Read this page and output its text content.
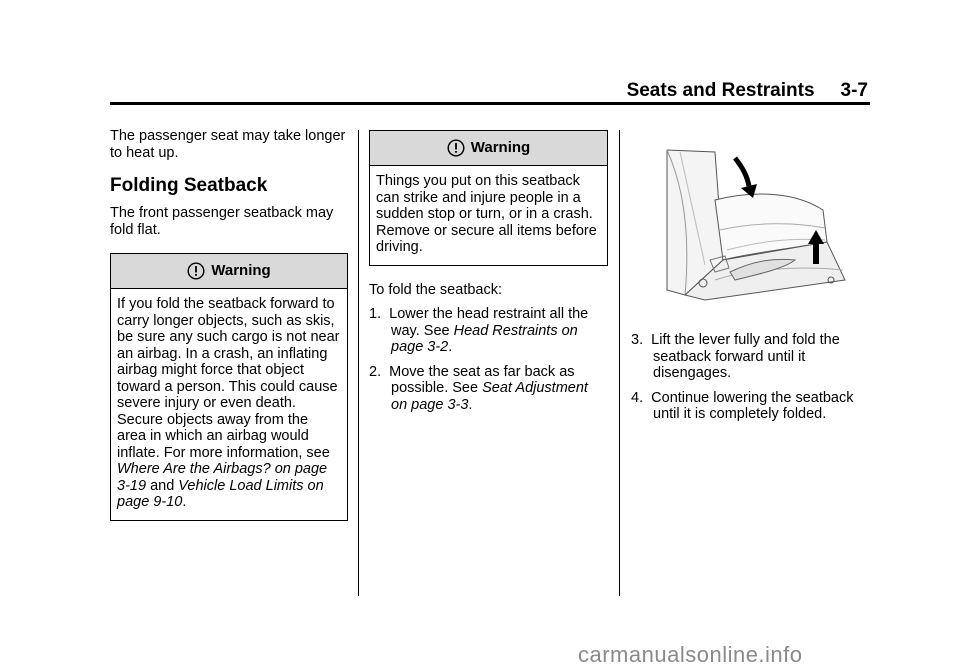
Seats and Restraints 3-7

The passenger seat may take longer to heat up.

Folding Seatback

The front passenger seatback may fold flat.

Warning
If you fold the seatback forward to carry longer objects, such as skis, be sure any such cargo is not near an airbag. In a crash, an inflating airbag might force that object toward a person. This could cause severe injury or even death. Secure objects away from the area in which an airbag would inflate. For more information, see Where Are the Airbags? on page 3-19 and Vehicle Load Limits on page 9-10.
Warning
Things you put on this seatback can strike and injure people in a sudden stop or turn, or in a crash. Remove or secure all items before driving.

To fold the seatback:

1. Lower the head restraint all the way. See Head Restraints on page 3-2.

2. Move the seat as far back as possible. See Seat Adjustment on page 3-3.

3. Lift the lever fully and fold the seatback forward until it disengages.

4. Continue lowering the seatback until it is completely folded.

carmanualsonline.info
